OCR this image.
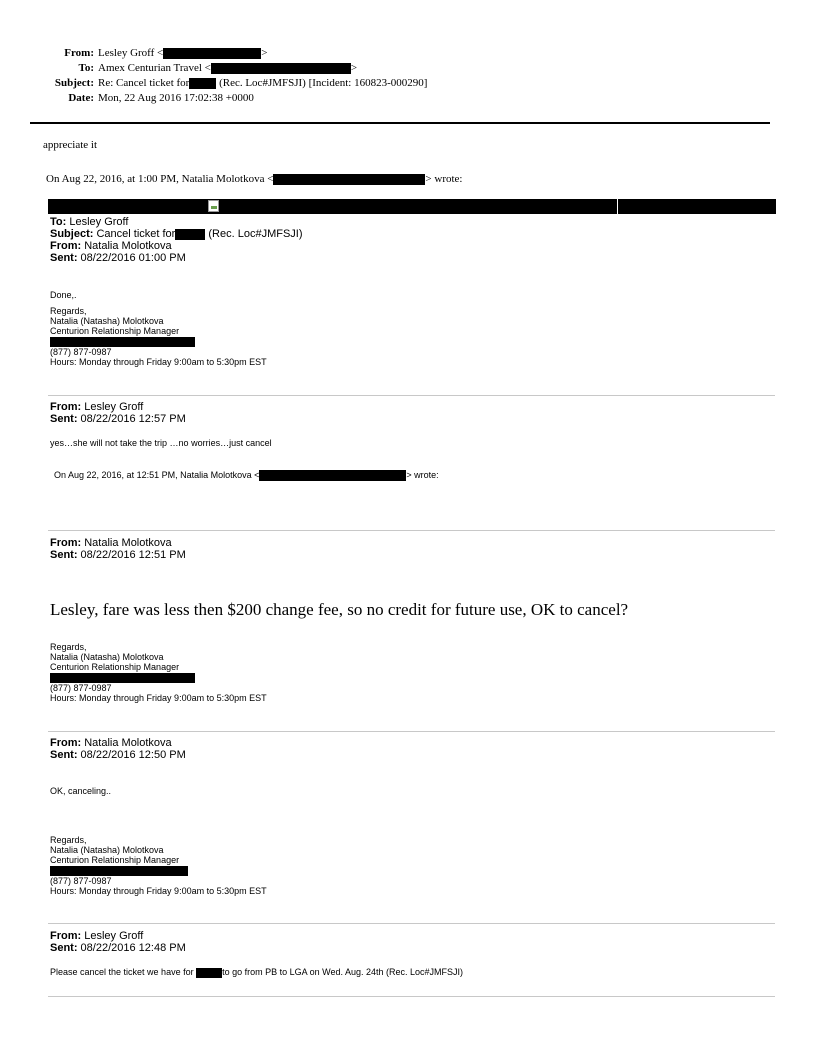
From: Lesley Groff <	>
To: Amex Centurian Travel <	>
Subject: Re: Cancel ticket for (Rec. Loc#JMFSJI) [Incident: 160823-000290]
Date: Mon, 22 Aug 2016 17:02:38 +0000
appreciate it
On Aug 22, 2016, at 1:00 PM, Natalia Molotkova <	> wrote:
To: Lesley Groff
Subject: Cancel ticket for	(Rec. Loc#JMFSJI)
From: Natalia Molotkova
Sent: 08/22/2016 01:00 PM
Done,.
Regards,
Natalia (Natasha) Molotkova
Centurion Relationship Manager
(877) 877-0987
Hours: Monday through Friday 9:00am to 5:30pm EST
From: Lesley Groff
Sent: 08/22/2016 12:57 PM
yes…she will not take the trip …no worries…just cancel
On Aug 22, 2016, at 12:51 PM, Natalia Molotkova <	> wrote:
From: Natalia Molotkova
Sent: 08/22/2016 12:51 PM
Lesley, fare was less then $200 change fee, so no credit for future use, OK to cancel?
Regards,
Natalia (Natasha) Molotkova
Centurion Relationship Manager
(877) 877-0987
Hours: Monday through Friday 9:00am to 5:30pm EST
From: Natalia Molotkova
Sent: 08/22/2016 12:50 PM
OK, canceling..
Regards,
Natalia (Natasha) Molotkova
Centurion Relationship Manager
(877) 877-0987
Hours: Monday through Friday 9:00am to 5:30pm EST
From: Lesley Groff
Sent: 08/22/2016 12:48 PM
Please cancel the ticket we have for	to go from PB to LGA on Wed. Aug. 24th (Rec. Loc#JMFSJI)
